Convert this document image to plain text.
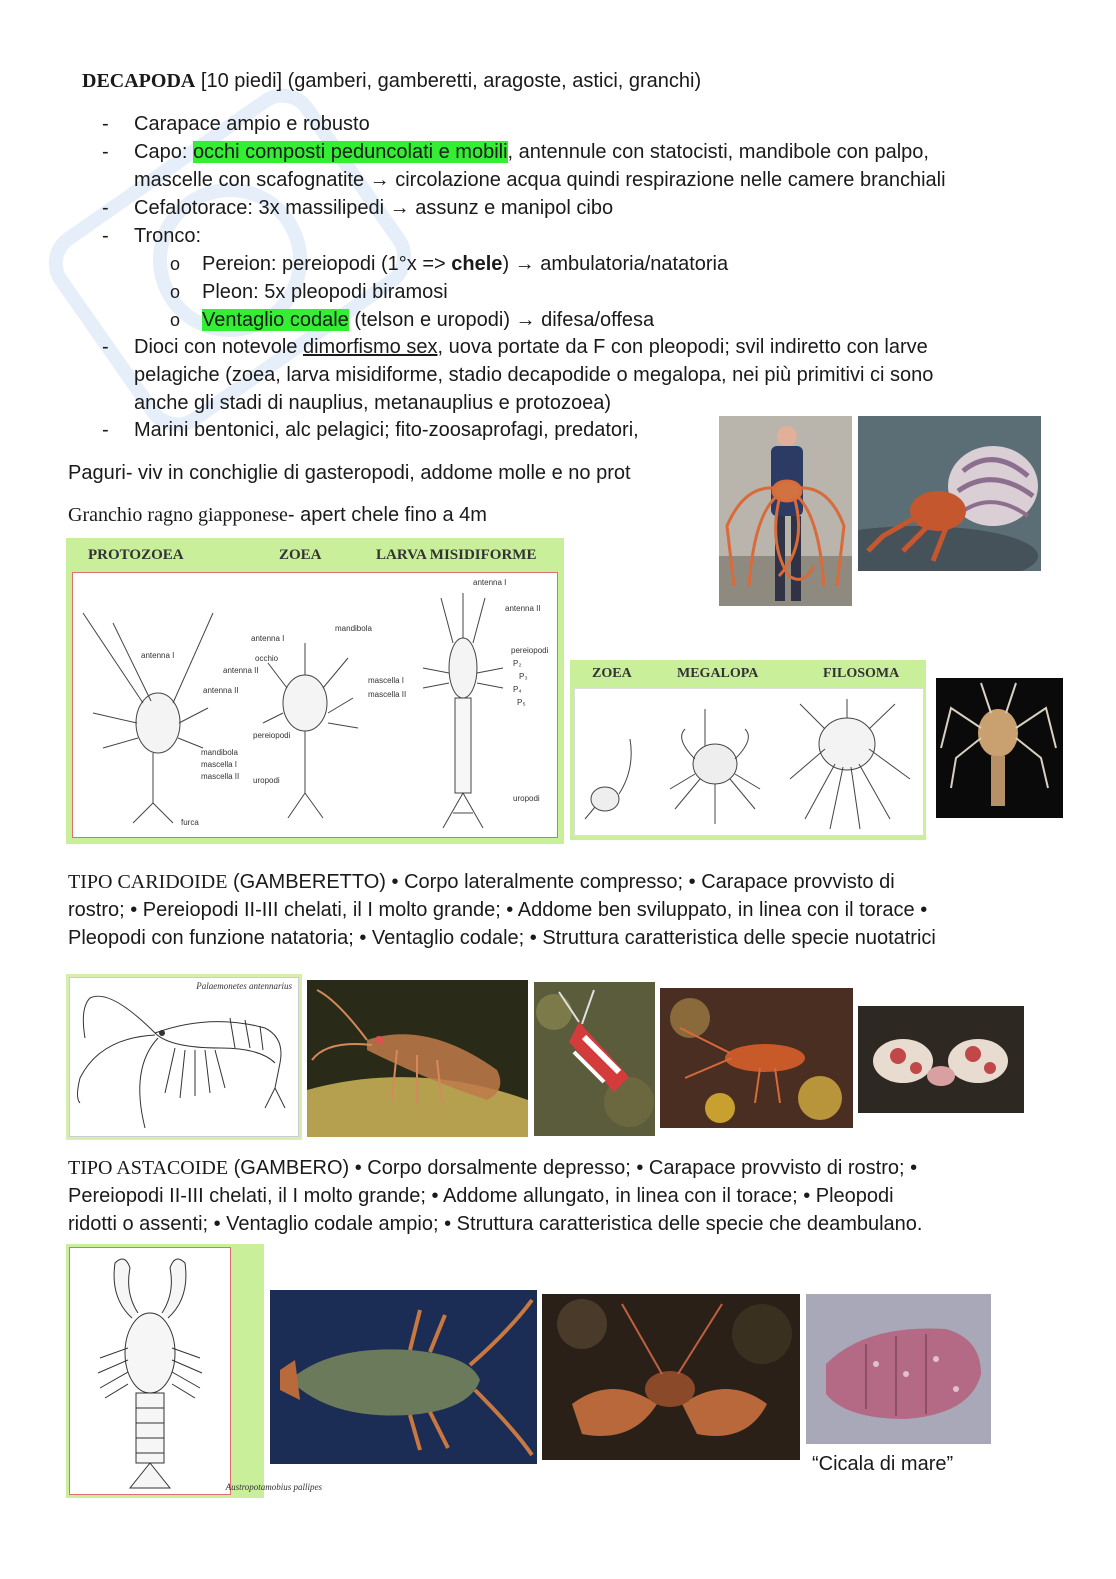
DECAPODA [10 piedi] (gamberi, gamberetti, aragoste, astici, granchi)
-	Carapace ampio e robusto
-	Capo: occhi composti peduncolati e mobili, antennule con statocisti, mandibole con palpo,
mascelle con scafognatite → circolazione acqua quindi respirazione nelle camere branchiali
-	Cefalotorace: 3x massilipedi → assunz e manipol cibo
-	Tronco:
o	Pereion: pereiopodi (1°x => chele) → ambulatoria/natatoria
o	Pleon: 5x pleopodi biramosi
o	Ventaglio codale (telson e uropodi) → difesa/offesa
-	Dioci con notevole dimorfismo sex, uova portate da F con pleopodi; svil indiretto con larve
pelagiche (zoea, larva misidiforme, stadio decapodide o megalopa, nei più primitivi ci sono
anche gli stadi di nauplius, metanauplius e protozoea)
-	Marini bentonici, alc pelagici; fito-zoosaprofagi, predatori,
Paguri- viv in conchiglie di gasteropodi, addome molle e no prot
Granchio ragno giapponese- apert chele fino a 4m
PROTOZOEA	ZOEA	LARVA MISIDIFORME
antenna I
mandibola
mascella I
mascella II
antenna II
furca
antenna I
occhio
antenna II
mandibola
mascella I
mascella II
pereiopodi
uropodi
antenna I
antenna II
pereiopodi
P₂
P₃
P₄
P₅
uropodi
ZOEA	MEGALOPA	FILOSOMA
TIPO CARIDOIDE (GAMBERETTO) • Corpo lateralmente compresso; • Carapace provvisto di
rostro; • Pereiopodi II-III chelati, il I molto grande; • Addome ben sviluppato, in linea con il torace •
Pleopodi con funzione natatoria; • Ventaglio codale; • Struttura caratteristica delle specie nuotatrici
Palaemonetes antennarius
TIPO ASTACOIDE (GAMBERO) • Corpo dorsalmente depresso; • Carapace provvisto di rostro; •
Pereiopodi II-III chelati, il I molto grande; • Addome allungato, in linea con il torace; • Pleopodi
ridotti o assenti; • Ventaglio codale ampio; • Struttura caratteristica delle specie che deambulano.
Austropotamobius pallipes
“Cicala di mare”
